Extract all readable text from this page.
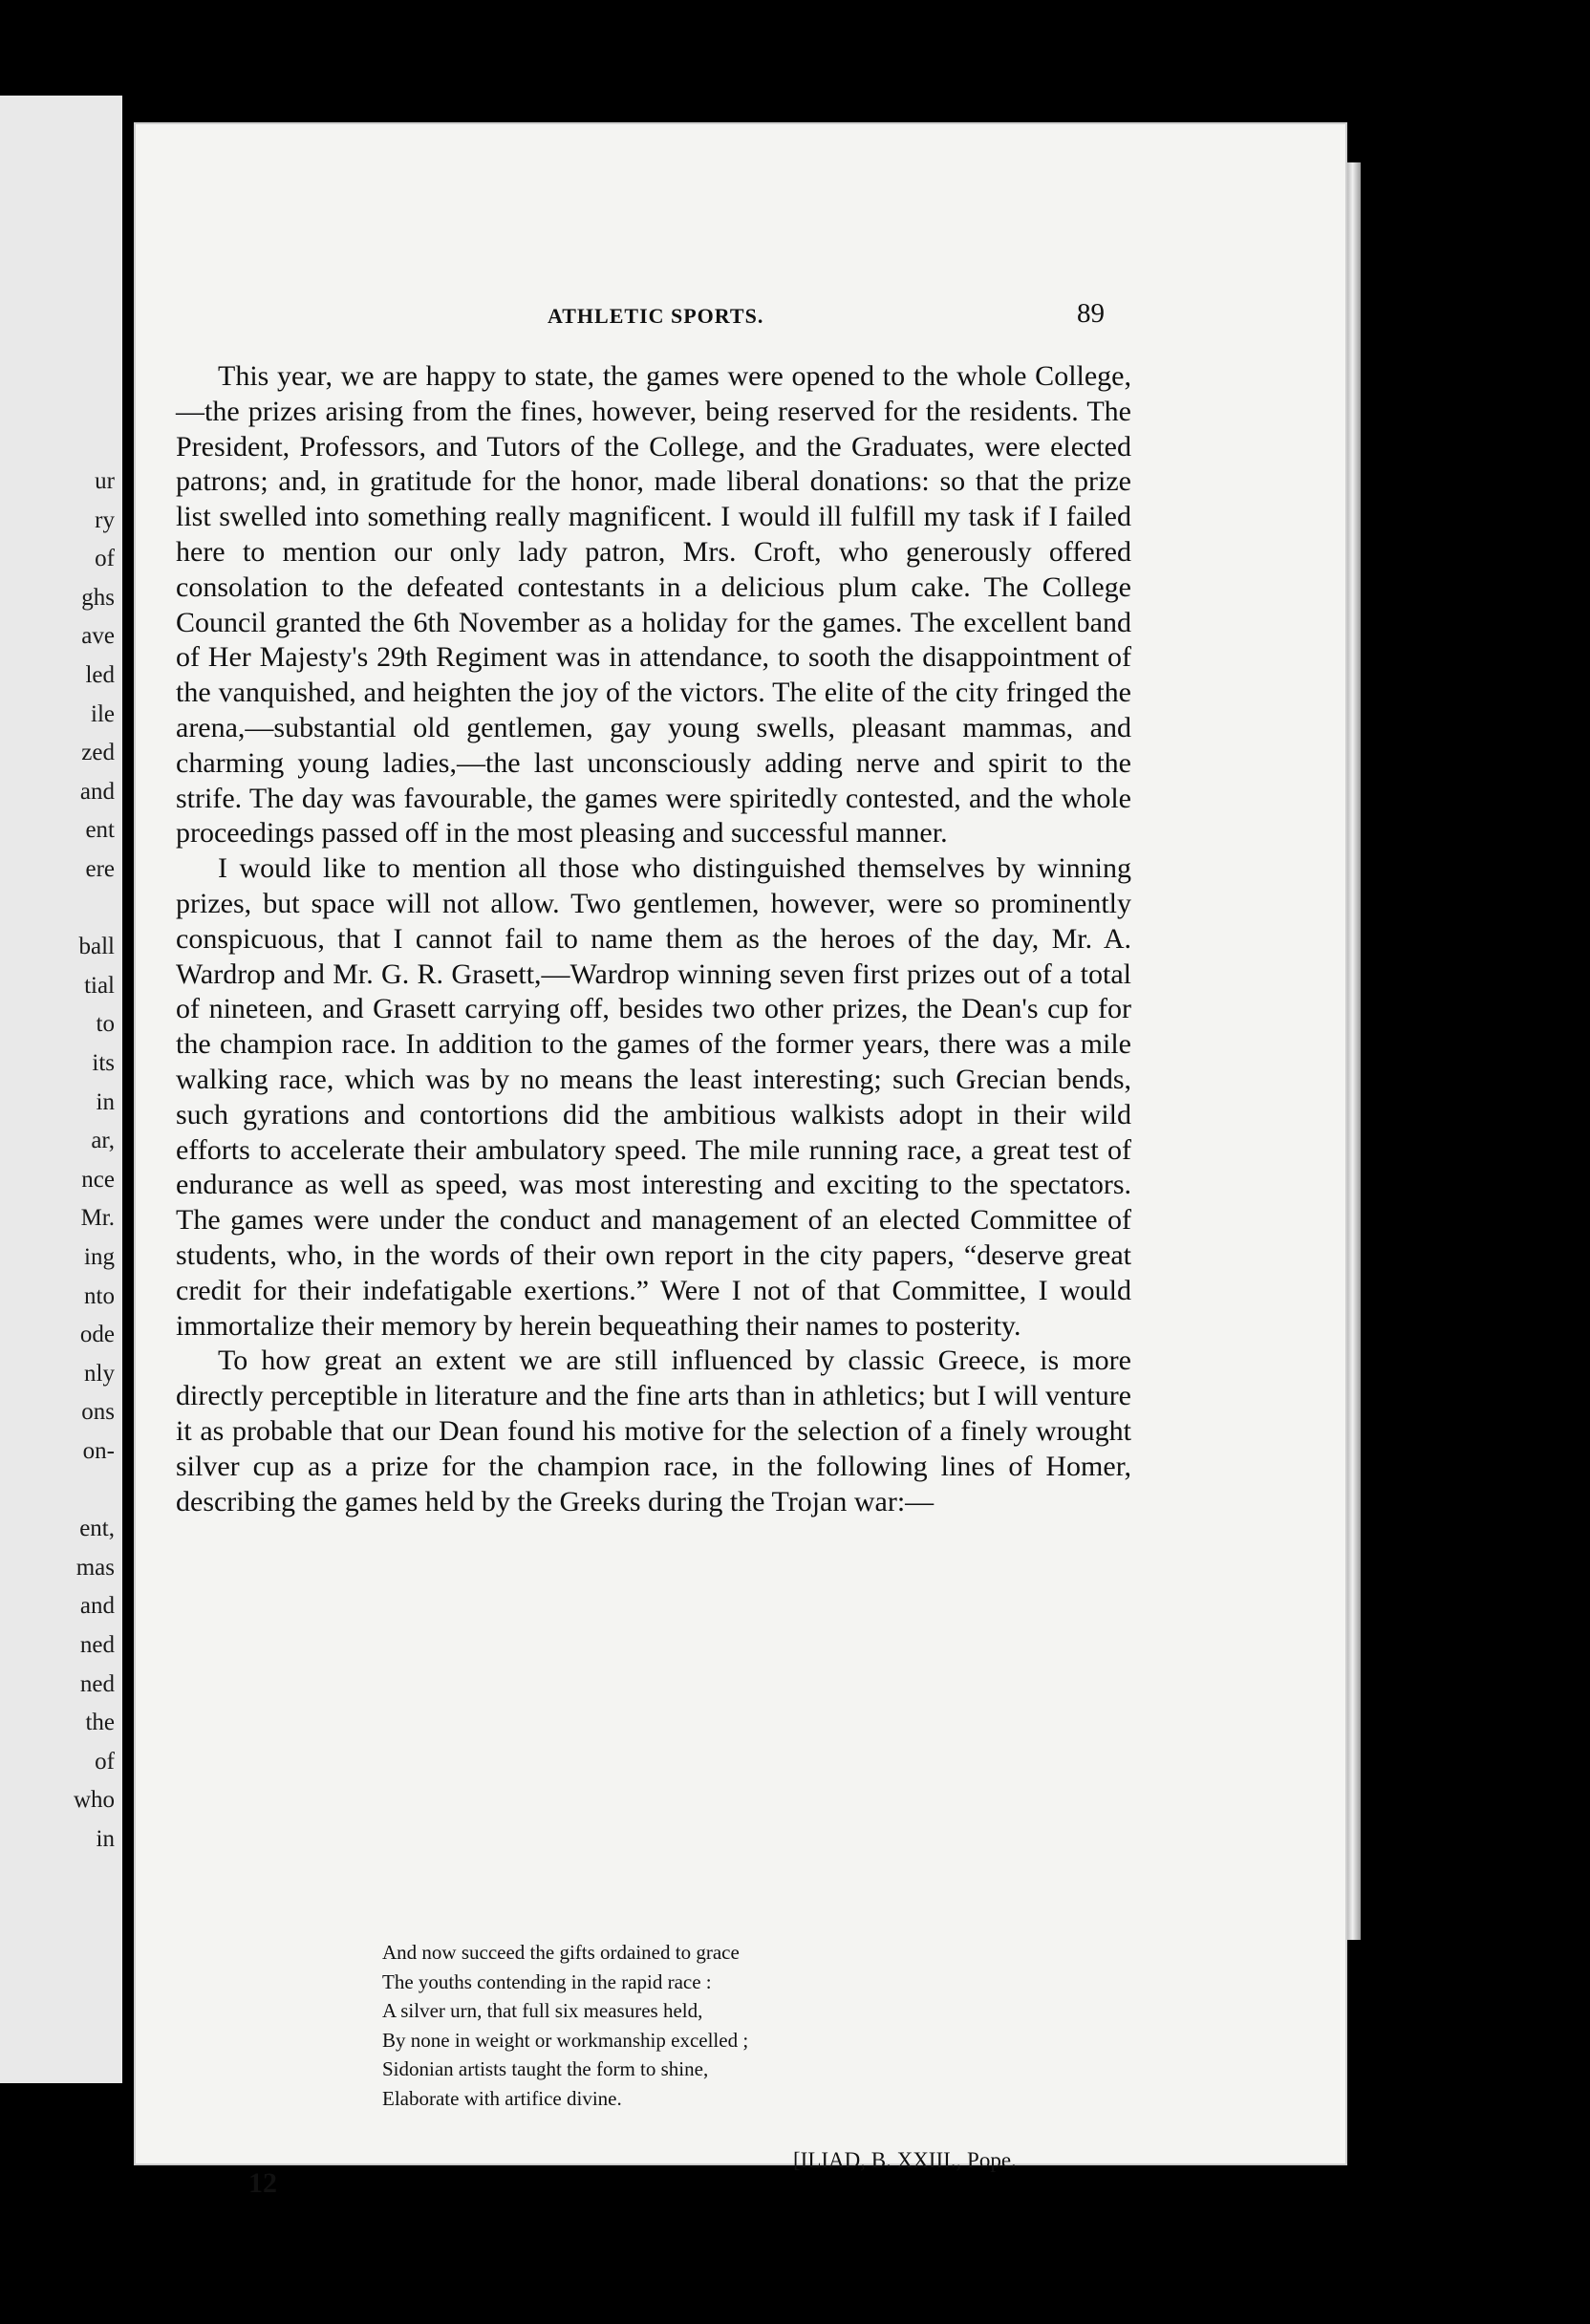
ur
ry
of
ghs
ave
led
ile
zed
and
ent
ere
ball
tial
to
its
in
ar,
nce
Mr.
ing
nto
ode
nly
ons
on-
ent,
mas
and
ned
ned
the
of
who
in
ATHLETIC SPORTS.	89

This year, we are happy to state, the games were opened to the whole College,—the prizes arising from the fines, however, being reserved for the residents. The President, Professors, and Tutors of the College, and the Graduates, were elected patrons; and, in gratitude for the honor, made liberal donations: so that the prize list swelled into something really magnificent. I would ill fulfill my task if I failed here to mention our only lady patron, Mrs. Croft, who generously offered consolation to the defeated contestants in a delicious plum cake. The College Council granted the 6th November as a holiday for the games. The excellent band of Her Majesty's 29th Regiment was in attendance, to sooth the disappointment of the vanquished, and heighten the joy of the victors. The elite of the city fringed the arena,—substantial old gentlemen, gay young swells, pleasant mammas, and charming young ladies,—the last unconsciously adding nerve and spirit to the strife. The day was favourable, the games were spiritedly contested, and the whole proceedings passed off in the most pleasing and successful manner.

I would like to mention all those who distinguished themselves by winning prizes, but space will not allow. Two gentlemen, however, were so prominently conspicuous, that I cannot fail to name them as the heroes of the day, Mr. A. Wardrop and Mr. G. R. Grasett,—Wardrop winning seven first prizes out of a total of nineteen, and Grasett carrying off, besides two other prizes, the Dean's cup for the champion race. In addition to the games of the former years, there was a mile walking race, which was by no means the least interesting; such Grecian bends, such gyrations and contortions did the ambitious walkists adopt in their wild efforts to accelerate their ambulatory speed. The mile running race, a great test of endurance as well as speed, was most interesting and exciting to the spectators. The games were under the conduct and management of an elected Committee of students, who, in the words of their own report in the city papers, “deserve great credit for their indefatigable exertions.” Were I not of that Committee, I would immortalize their memory by herein bequeathing their names to posterity.

To how great an extent we are still influenced by classic Greece, is more directly perceptible in literature and the fine arts than in athletics; but I will venture it as probable that our Dean found his motive for the selection of a finely wrought silver cup as a prize for the champion race, in the following lines of Homer, describing the games held by the Greeks during the Trojan war:—

And now succeed the gifts ordained to grace
The youths contending in the rapid race :
A silver urn, that full six measures held,
By none in weight or workmanship excelled ;
Sidonian artists taught the form to shine,
Elaborate with artifice divine.
[ILIAD, B. XXIII., Pope.
12
